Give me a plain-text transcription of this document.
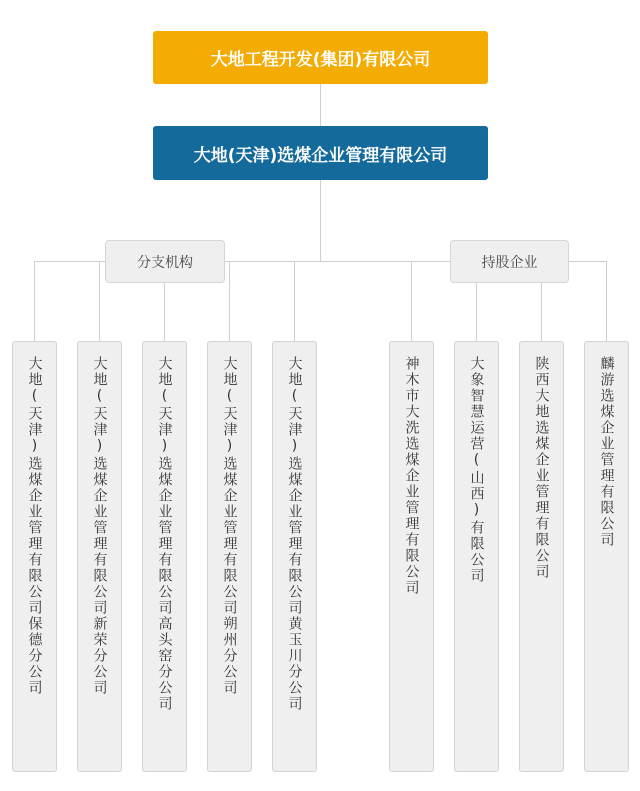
大地工程开发(集团)有限公司
大地(天津)选煤企业管理有限公司
分支机构	持股企业
大地(天津)选煤企业管理有限公司保德分公司	大地(天津)选煤企业管理有限公司新荣分公司	大地(天津)选煤企业管理有限公司高头窑分公司	大地(天津)选煤企业管理有限公司朔州分公司	大地(天津)选煤企业管理有限公司黄玉川分公司	神木市大洗选煤企业管理有限公司	大象智慧运营(山西)有限公司	陕西大地选煤企业管理有限公司	麟游选煤企业管理有限公司
